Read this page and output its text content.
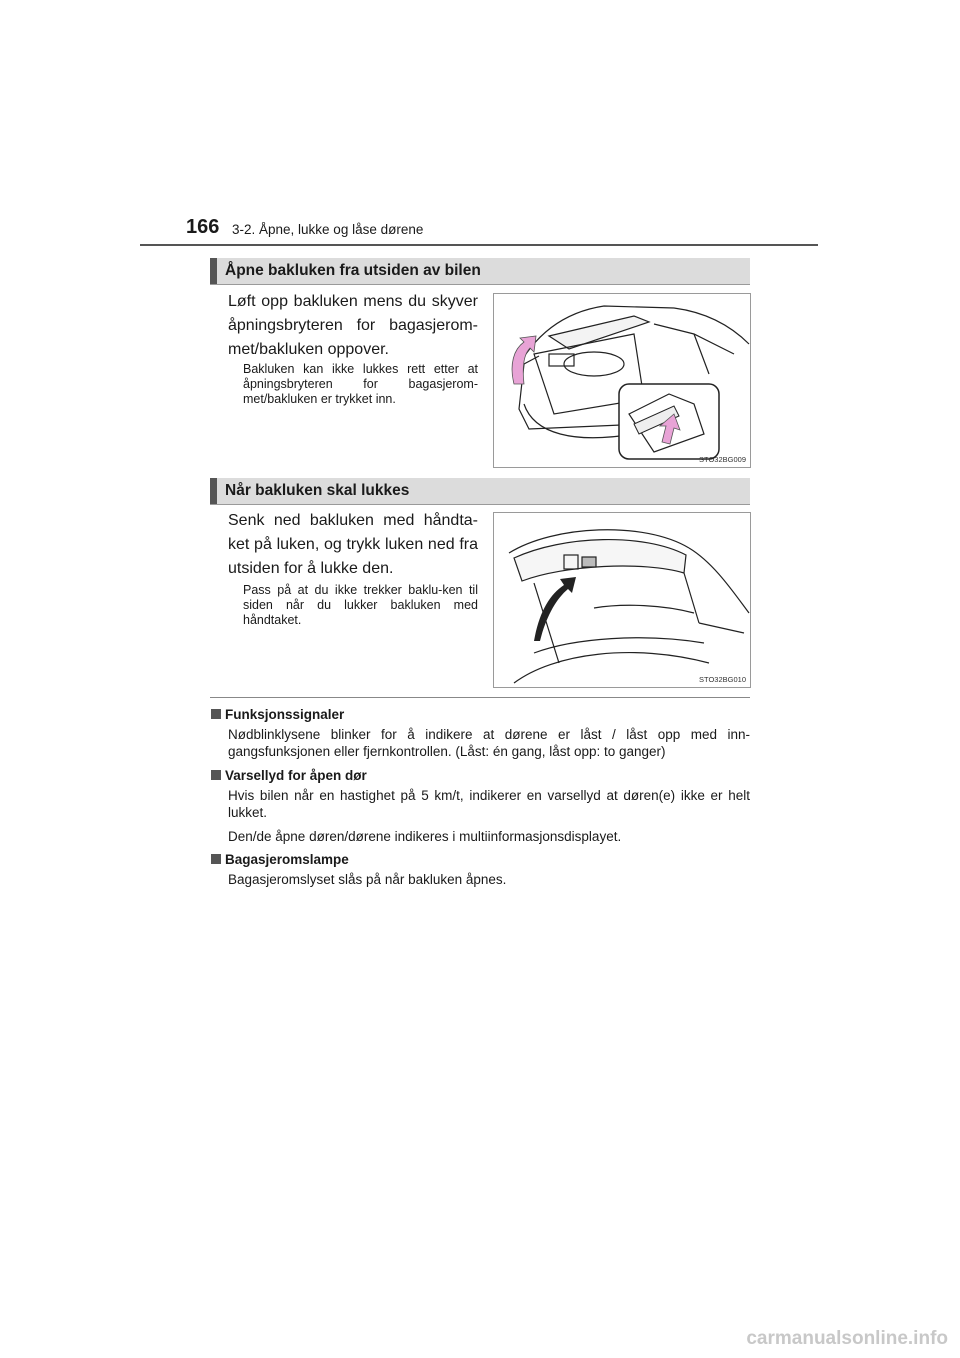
166 3-2. Åpne, lukke og låse dørene
Åpne bakluken fra utsiden av bilen
Løft opp bakluken mens du skyver åpningsbryteren for bagasjerom-met/bakluken oppover.
Bakluken kan ikke lukkes rett etter at åpningsbryteren for bagasjerom-met/bakluken er trykket inn.
STO32BG009
Når bakluken skal lukkes
Senk ned bakluken med håndta-ket på luken, og trykk luken ned fra utsiden for å lukke den.
Pass på at du ikke trekker baklu-ken til siden når du lukker bakluken med håndtaket.
STO32BG010
Funksjonssignaler
Nødblinklysene blinker for å indikere at dørene er låst / låst opp med inn-gangsfunksjonen eller fjernkontrollen. (Låst: én gang, låst opp: to ganger)
Varsellyd for åpen dør
Hvis bilen når en hastighet på 5 km/t, indikerer en varsellyd at døren(e) ikke er helt lukket.
Den/de åpne døren/dørene indikeres i multiinformasjonsdisplayet.
Bagasjeromslampe
Bagasjeromslyset slås på når bakluken åpnes.
carmanualsonline.info
